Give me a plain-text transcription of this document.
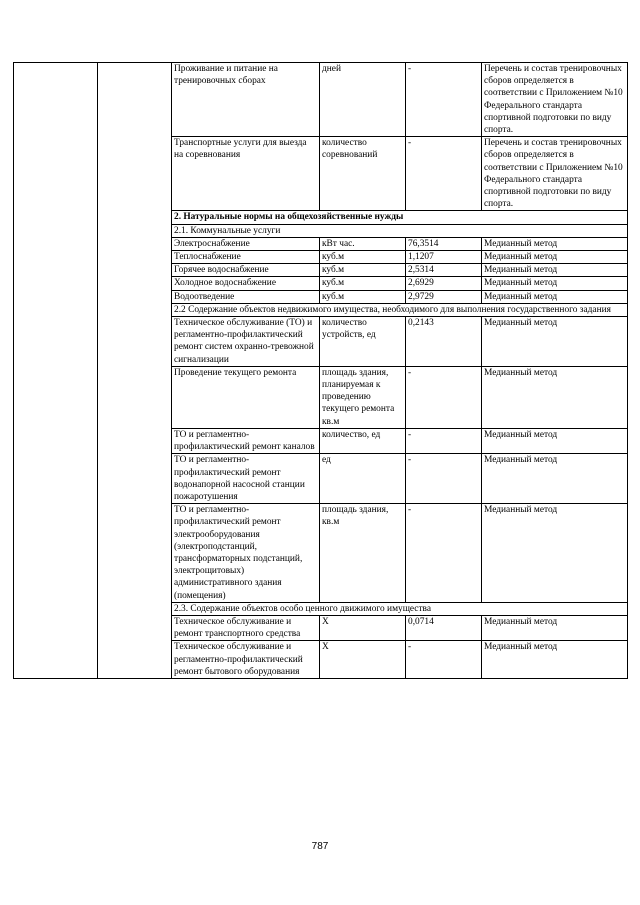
		Проживание и питание на тренировочных сборах	дней	-	Перечень и состав тренировочных сборов определяется в соответствии с Приложением №10 Федерального стандарта спортивной подготовки по виду спорта.
		Транспортные услуги для выезда на соревнования	количество соревнований	-	Перечень и состав тренировочных сборов определяется в соответствии с Приложением №10 Федерального стандарта спортивной подготовки по виду спорта.
		2. Натуральные нормы на общехозяйственные нужды			
		2.1. Коммунальные услуги			
		Электроснабжение	кВт час.	76,3514	Медианный метод
		Теплоснабжение	куб.м	1,1207	Медианный метод
		Горячее водоснабжение	куб.м	2,5314	Медианный метод
		Холодное водоснабжение	куб.м	2,6929	Медианный метод
		Водоотведение	куб.м	2,9729	Медианный метод
		2.2 Содержание объектов недвижимого имущества, необходимого для выполнения государственного задания			
		Техническое обслуживание (ТО) и регламентно-профилактический ремонт систем охранно-тревожной сигнализации	количество устройств, ед	0,2143	Медианный метод
		Проведение текущего ремонта	площадь здания, планируемая к проведению текущего ремонта кв.м	-	Медианный метод
		ТО и регламентно-профилактический ремонт каналов	количество, ед	-	Медианный метод
		ТО и регламентно-профилактический ремонт водонапорной насосной станции пожаротушения	ед	-	Медианный метод
		ТО и регламентно-профилактический ремонт электрооборудования (электроподстанций, трансформаторных подстанций, электрощитовых) административного здания (помещения)	площадь здания, кв.м	-	Медианный метод
		2.3. Содержание объектов особо ценного движимого имущества			
		Техническое обслуживание и ремонт транспортного средства	Х	0,0714	Медианный метод
		Техническое обслуживание и регламентно-профилактический ремонт бытового оборудования	Х	-	Медианный метод
787
